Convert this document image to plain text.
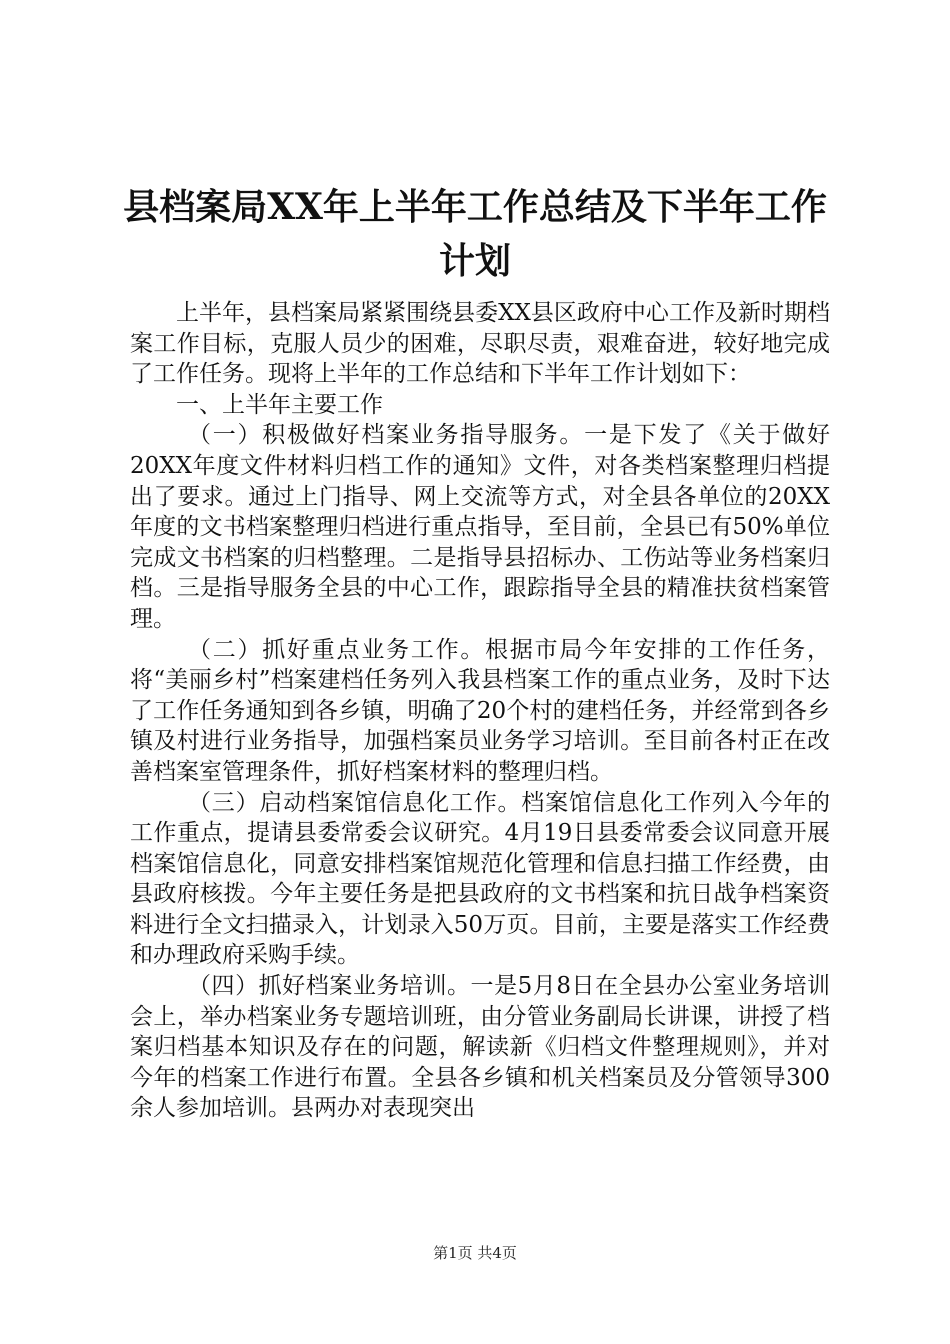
县档案局XX年上半年工作总结及下半年工作
计划

上半年，县档案局紧紧围绕县委XX县区政府中心工作及新时期档案工作目标，克服人员少的困难，尽职尽责，艰难奋进，较好地完成了工作任务。现将上半年的工作总结和下半年工作计划如下：

一、上半年主要工作

（一）积极做好档案业务指导服务。一是下发了《关于做好20XX年度文件材料归档工作的通知》文件，对各类档案整理归档提出了要求。通过上门指导、网上交流等方式，对全县各单位的20XX年度的文书档案整理归档进行重点指导，至目前，全县已有50%单位完成文书档案的归档整理。二是指导县招标办、工伤站等业务档案归档。三是指导服务全县的中心工作，跟踪指导全县的精准扶贫档案管理。

（二）抓好重点业务工作。根据市局今年安排的工作任务，将“美丽乡村”档案建档任务列入我县档案工作的重点业务，及时下达了工作任务通知到各乡镇，明确了20个村的建档任务，并经常到各乡镇及村进行业务指导，加强档案员业务学习培训。至目前各村正在改善档案室管理条件，抓好档案材料的整理归档。

（三）启动档案馆信息化工作。档案馆信息化工作列入今年的工作重点，提请县委常委会议研究。4月19日县委常委会议同意开展档案馆信息化，同意安排档案馆规范化管理和信息扫描工作经费，由县政府核拨。今年主要任务是把县政府的文书档案和抗日战争档案资料进行全文扫描录入，计划录入50万页。目前，主要是落实工作经费和办理政府采购手续。

（四）抓好档案业务培训。一是5月8日在全县办公室业务培训会上，举办档案业务专题培训班，由分管业务副局长讲课，讲授了档案归档基本知识及存在的问题，解读新《归档文件整理规则》，并对今年的档案工作进行布置。全县各乡镇和机关档案员及分管领导300余人参加培训。县两办对表现突出

第1页 共4页
